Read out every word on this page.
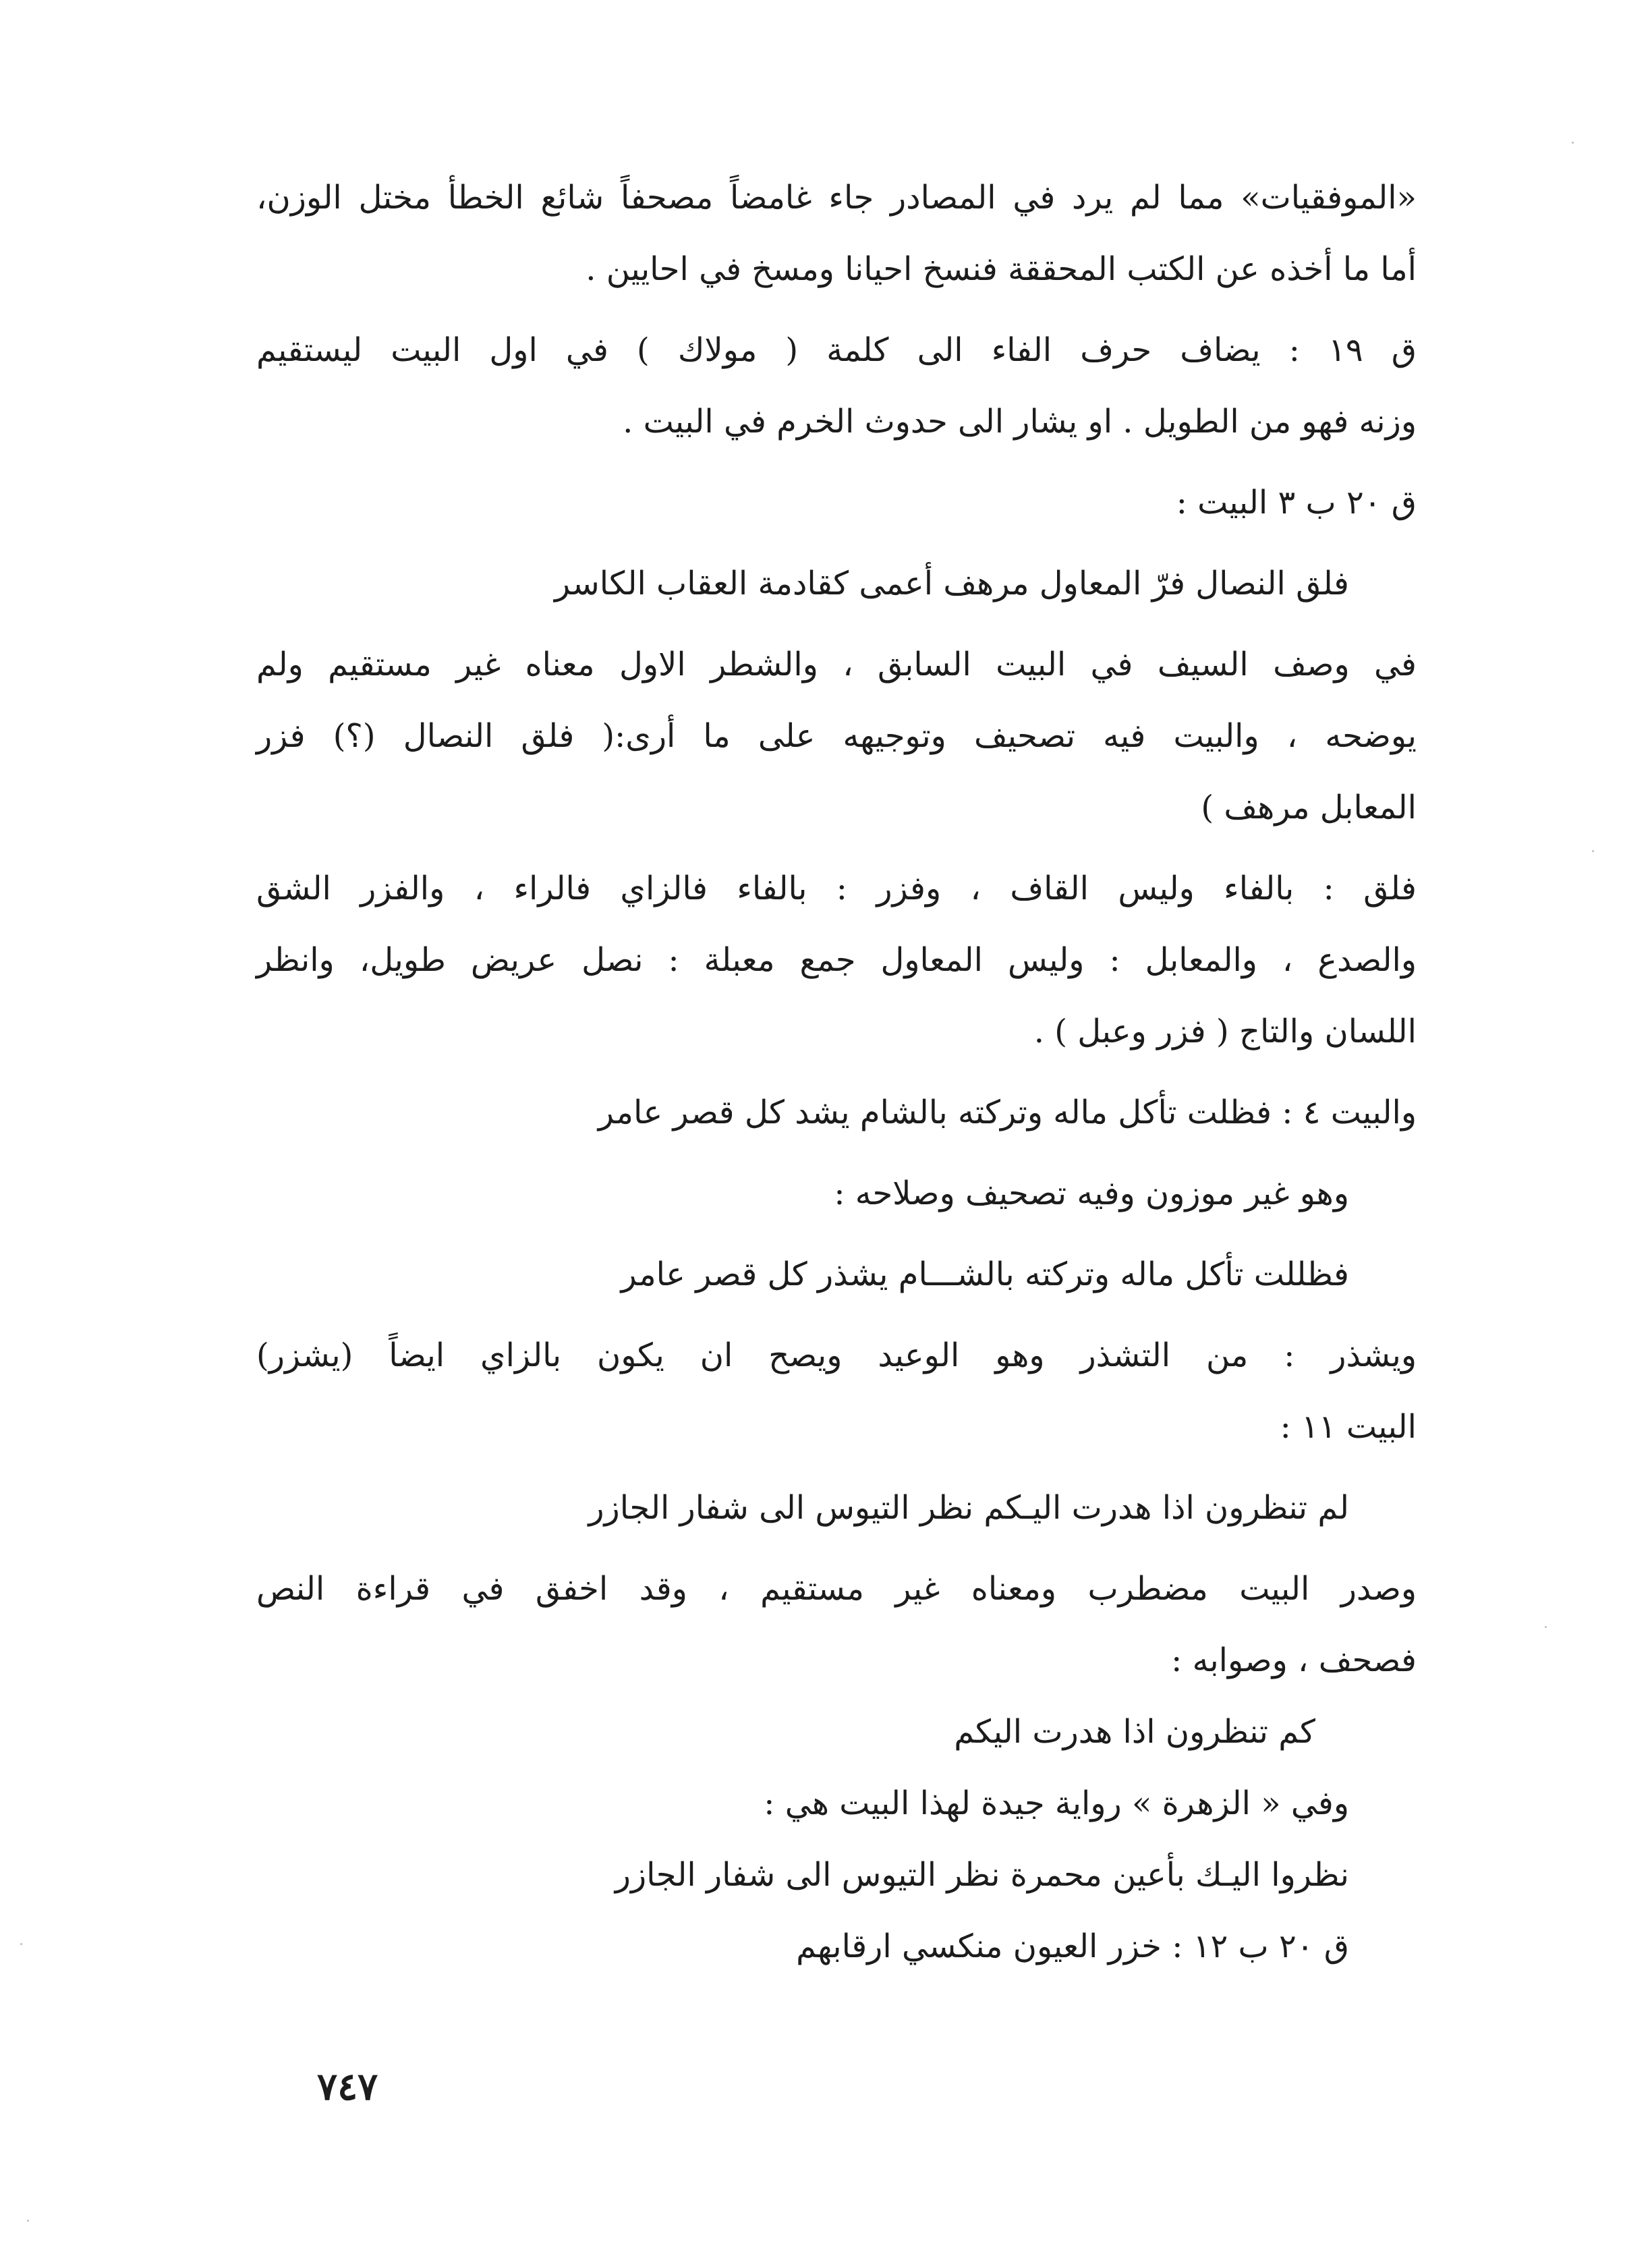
«الموفقيات» مما لم يرد في المصادر جاء غامضاً مصحفاً شائع الخطأ مختل الوزن،
أما ما أخذه عن الكتب المحققة فنسخ احيانا ومسخ في احايين .
ق ١٩ : يضاف حرف الفاء الى كلمة ( مولاك ) في اول البيت ليستقيم
وزنه فهو من الطويل . او يشار الى حدوث الخرم في البيت .
ق ٢٠ ب ٣ البيت :
فلق النصال فرّ المعاول مرهف أعمى كقادمة العقاب الكاسر
في وصف السيف في البيت السابق ، والشطر الاول معناه غير مستقيم ولم
يوضحه ، والبيت فيه تصحيف وتوجيهه على ما أرى:( فلق النصال (؟) فزر
المعابل مرهف )
فلق : بالفاء وليس القاف ، وفزر : بالفاء فالزاي فالراء ، والفزر الشق
والصدع ، والمعابل : وليس المعاول جمع معبلة : نصل عريض طويل، وانظر
اللسان والتاج ( فزر وعبل ) .
والبيت ٤ : فظلت تأكل ماله وتركته بالشام يشد كل قصر عامر
وهو غير موزون وفيه تصحيف وصلاحه :
فظللت تأكل ماله وتركته بالشـــام يشذر كل قصر عامر
ويشذر : من التشذر وهو الوعيد ويصح ان يكون بالزاي ايضاً (يشزر)
البيت ١١ :
لم تنظرون اذا هدرت اليـكم نظر التيوس الى شفار الجازر
وصدر البيت مضطرب ومعناه غير مستقيم ، وقد اخفق في قراءة النص
فصحف ، وصوابه :
كم تنظرون اذا هدرت اليكم
وفي « الزهرة » رواية جيدة لهذا البيت هي :
نظروا اليـك بأعين محمرة نظر التيوس الى شفار الجازر
ق ٢٠ ب ١٢ : خزر العيون منكسي ارقابهم
٧٤٧
